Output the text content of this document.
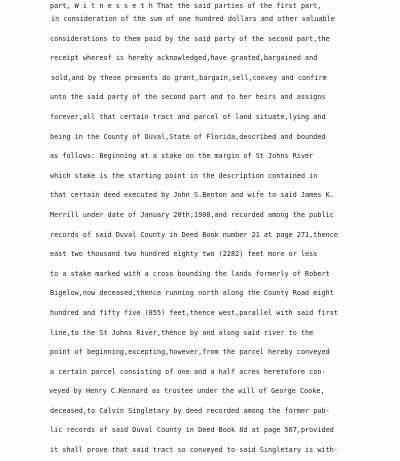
part, W i t n e s s e t h That the said parties of the first part,
in consideration of the sum of one hundred dollars and other valuable
considerations to them paid by the said party of the second part,the
receipt whereof is hereby acknowledged,have granted,bargained and
sold,and by these presents do grant,bargain,sell,convey and confirm
unto the said party of the second part and to her heirs and assigns
forever,all that certain tract and parcel of land situate,lying and
being in the County of Duval,State of Florida,described and bounded
as follows: Beginning at a stake on the margin of St Johns River
which stake is the starting point in the description contained in
that certain deed executed by John S.Benton and wife to said James K.
Merrill under date of January 20th,1908,and recorded among the public
records of said Duval County in Deed Book number 21 at page 271,thence
east two thousand two hundred eighty two (2282) feet more or less
to a stake marked with a cross bounding the lands formerly of Robert
Bigelow,now deceased,thence running north along the County Road eight
hundred and fifty five (855) feet,thence west,parallel with said first
line,to the St Johns River,thence by and along said river to the
point of beginning,excepting,however,from the parcel hereby conveyed
a certain parcel consisting of one and a half acres heretofore con-
veyed by Henry C.Kennard as trustee under the will of George Cooke,
deceased,to Calvin Singletary by deed recorded among the former pub-
lic records of said Duval County in Deed Book 8d at page 567,provided
it shall prove that said tract so conveyed to said Singletary is with-
